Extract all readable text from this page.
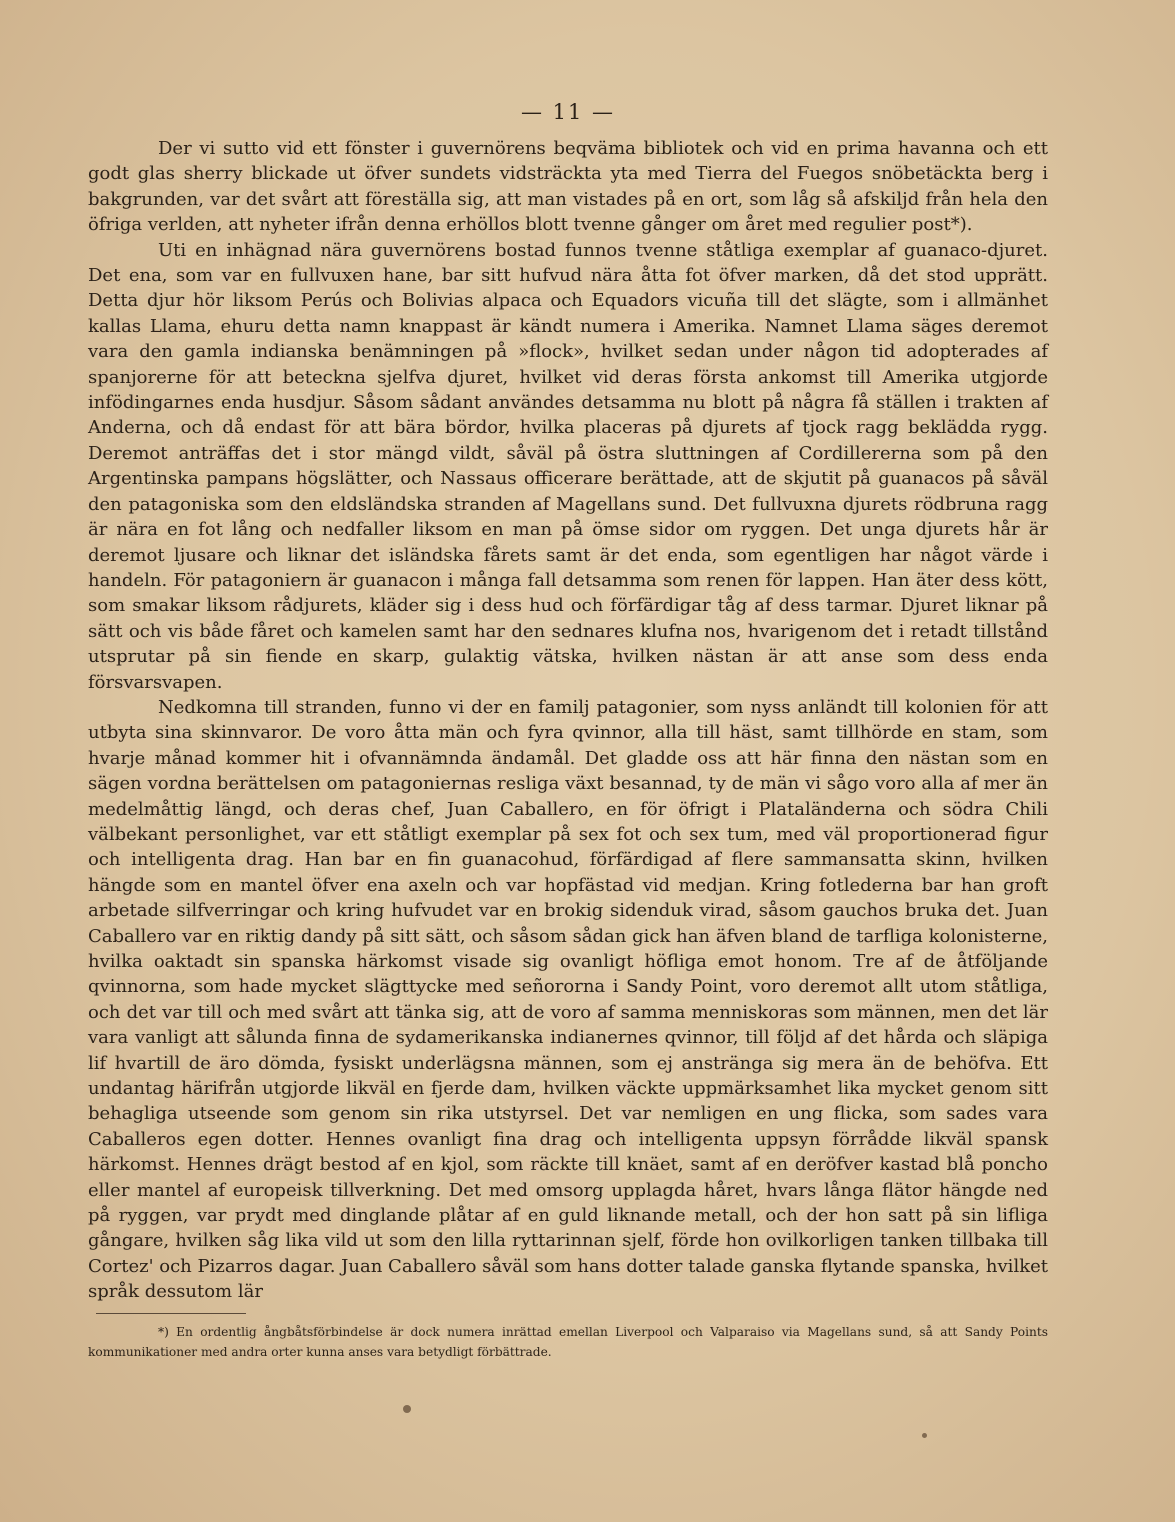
— 11 —

Der vi sutto vid ett fönster i guvernörens beqväma bibliotek och vid en prima havanna och ett godt glas sherry blickade ut öfver sundets vidsträckta yta med Tierra del Fuegos snöbetäckta berg i bakgrunden, var det svårt att föreställa sig, att man vistades på en ort, som låg så afskiljd från hela den öfriga verlden, att nyheter ifrån denna erhöllos blott tvenne gånger om året med regulier post*).

Uti en inhägnad nära guvernörens bostad funnos tvenne ståtliga exemplar af guanaco-djuret. Det ena, som var en fullvuxen hane, bar sitt hufvud nära åtta fot öfver marken, då det stod upprätt. Detta djur hör liksom Perús och Bolivias alpaca och Equadors vicuña till det slägte, som i allmänhet kallas Llama, ehuru detta namn knappast är kändt numera i Amerika. Namnet Llama säges deremot vara den gamla indianska benämningen på »flock», hvilket sedan under någon tid adopterades af spanjorerne för att beteckna sjelfva djuret, hvilket vid deras första ankomst till Amerika utgjorde infödingarnes enda husdjur. Såsom sådant användes detsamma nu blott på några få ställen i trakten af Anderna, och då endast för att bära bördor, hvilka placeras på djurets af tjock ragg beklädda rygg. Deremot anträffas det i stor mängd vildt, såväl på östra sluttningen af Cordillererna som på den Argentinska pampans högslätter, och Nassaus officerare berättade, att de skjutit på guanacos på såväl den patagoniska som den eldsländska stranden af Magellans sund. Det fullvuxna djurets rödbruna ragg är nära en fot lång och nedfaller liksom en man på ömse sidor om ryggen. Det unga djurets hår är deremot ljusare och liknar det isländska fårets samt är det enda, som egentligen har något värde i handeln. För patagoniern är guanacon i många fall detsamma som renen för lappen. Han äter dess kött, som smakar liksom rådjurets, kläder sig i dess hud och förfärdigar tåg af dess tarmar. Djuret liknar på sätt och vis både fåret och kamelen samt har den sednares klufna nos, hvarigenom det i retadt tillstånd utsprutar på sin fiende en skarp, gulaktig vätska, hvilken nästan är att anse som dess enda försvarsvapen.

Nedkomna till stranden, funno vi der en familj patagonier, som nyss anländt till kolonien för att utbyta sina skinnvaror. De voro åtta män och fyra qvinnor, alla till häst, samt tillhörde en stam, som hvarje månad kommer hit i ofvannämnda ändamål. Det gladde oss att här finna den nästan som en sägen vordna berättelsen om patagoniernas resliga växt besannad, ty de män vi sågo voro alla af mer än medelmåttig längd, och deras chef, Juan Caballero, en för öfrigt i Plataländerna och södra Chili välbekant personlighet, var ett ståtligt exemplar på sex fot och sex tum, med väl proportionerad figur och intelligenta drag. Han bar en fin guanacohud, förfärdigad af flere sammansatta skinn, hvilken hängde som en mantel öfver ena axeln och var hopfästad vid medjan. Kring fotlederna bar han groft arbetade silfverringar och kring hufvudet var en brokig sidenduk virad, såsom gauchos bruka det. Juan Caballero var en riktig dandy på sitt sätt, och såsom sådan gick han äfven bland de tarfliga kolonisterne, hvilka oaktadt sin spanska härkomst visade sig ovanligt höfliga emot honom. Tre af de åtföljande qvinnorna, som hade mycket slägttycke med señororna i Sandy Point, voro deremot allt utom ståtliga, och det var till och med svårt att tänka sig, att de voro af samma menniskoras som männen, men det lär vara vanligt att sålunda finna de sydamerikanska indianernes qvinnor, till följd af det hårda och släpiga lif hvartill de äro dömda, fysiskt underlägsna männen, som ej anstränga sig mera än de behöfva. Ett undantag härifrån utgjorde likväl en fjerde dam, hvilken väckte uppmärksamhet lika mycket genom sitt behagliga utseende som genom sin rika utstyrsel. Det var nemligen en ung flicka, som sades vara Caballeros egen dotter. Hennes ovanligt fina drag och intelligenta uppsyn förrådde likväl spansk härkomst. Hennes drägt bestod af en kjol, som räckte till knäet, samt af en deröfver kastad blå poncho eller mantel af europeisk tillverkning. Det med omsorg upplagda håret, hvars långa flätor hängde ned på ryggen, var prydt med dinglande plåtar af en guld liknande metall, och der hon satt på sin lifliga gångare, hvilken såg lika vild ut som den lilla ryttarinnan sjelf, förde hon ovilkorligen tanken tillbaka till Cortez' och Pizarros dagar. Juan Caballero såväl som hans dotter talade ganska flytande spanska, hvilket språk dessutom lär

*) En ordentlig ångbåtsförbindelse är dock numera inrättad emellan Liverpool och Valparaiso via Magellans sund, så att Sandy Points kommunikationer med andra orter kunna anses vara betydligt förbättrade.
